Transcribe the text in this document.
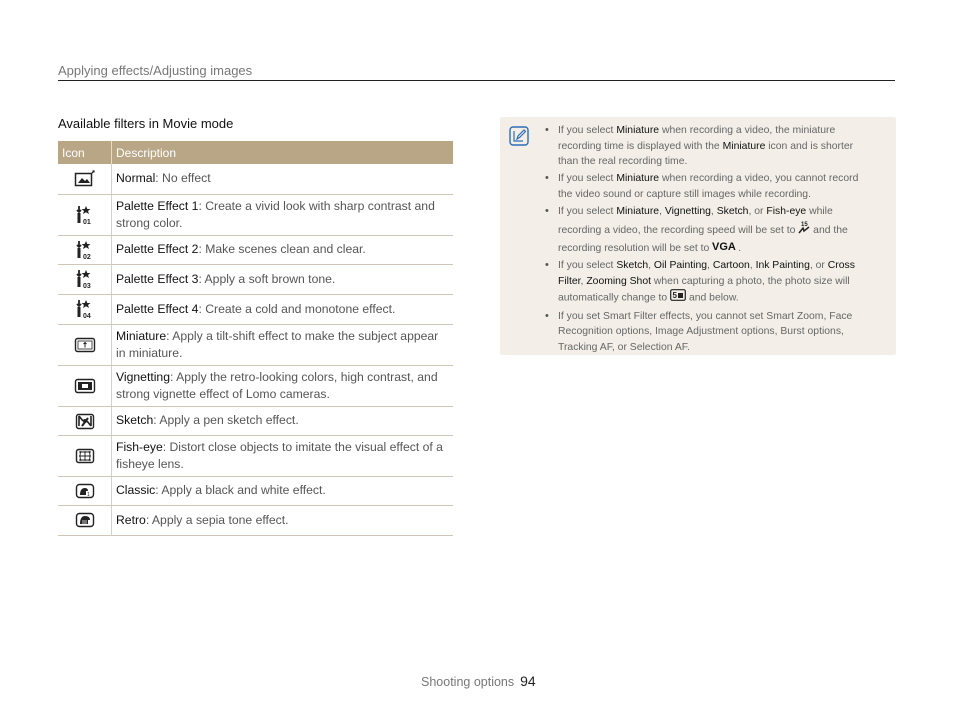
Applying effects/Adjusting images
Available filters in Movie mode
Icon	Description

	Normal: No effect

01	Palette Effect 1: Create a vivid look with sharp contrast and strong color.

02	Palette Effect 2: Make scenes clean and clear.

03	Palette Effect 3: Apply a soft brown tone.

04	Palette Effect 4: Create a cold and monotone effect.

	Miniature: Apply a tilt-shift effect to make the subject appear in miniature.

	Vignetting: Apply the retro-looking colors, high contrast, and strong vignette effect of Lomo cameras.

	Sketch: Apply a pen sketch effect.

	Fish-eye: Distort close objects to imitate the visual effect of a fisheye lens.

1	Classic: Apply a black and white effect.

	Retro: Apply a sepia tone effect.
• If you select Miniature when recording a video, the miniature recording time is displayed with the Miniature icon and is shorter than the real recording time.
• If you select Miniature when recording a video, you cannot record the video sound or capture still images while recording.
• If you select Miniature, Vignetting, Sketch, or Fish-eye while recording a video, the recording speed will be set to
15
and the recording resolution will be set to VGA .
• If you select Sketch, Oil Painting, Cartoon, Ink Painting, or Cross Filter, Zooming Shot when capturing a photo, the photo size will automatically change to 5 and below.
• If you set Smart Filter effects, you cannot set Smart Zoom, Face Recognition options, Image Adjustment options, Burst options, Tracking AF, or Selection AF.
Shooting options 94
